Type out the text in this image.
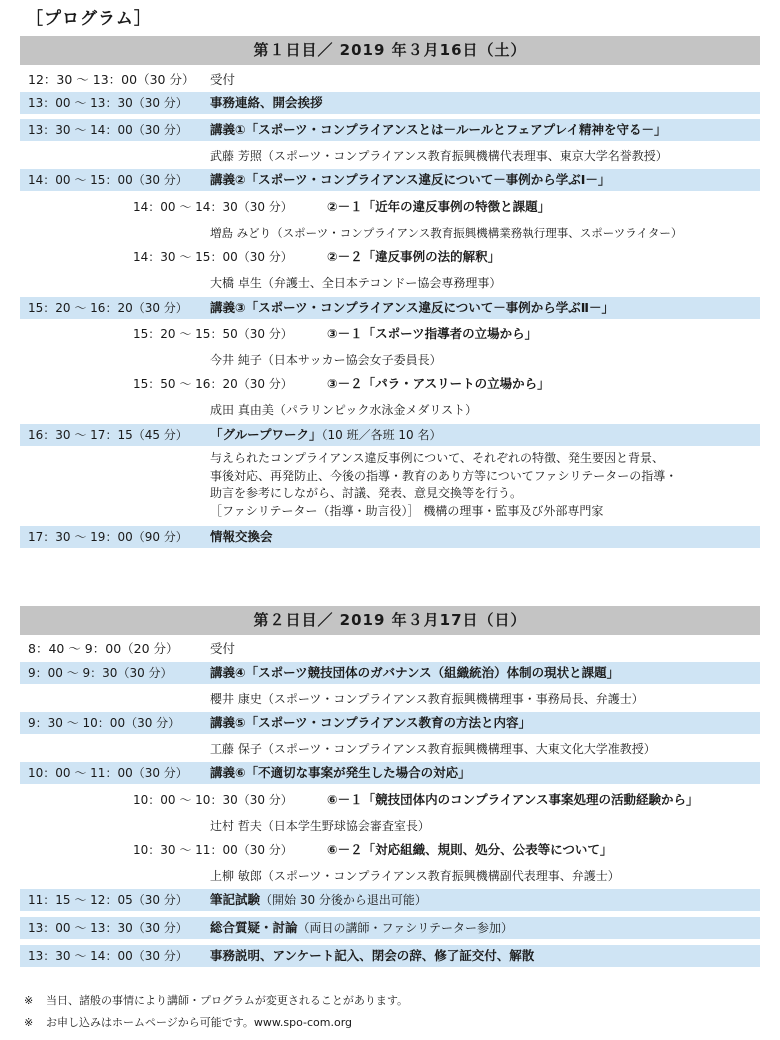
［プログラム］
第１日目／ 2019 年３月16日（土）
12：30 ～ 13：00（30 分） 受付
13：00 ～ 13：30（30 分） 事務連絡、開会挨拶
13：30 ～ 14：00（30 分） 講義①「スポーツ・コンプライアンスとは－ルールとフェアプレイ精神を守る－」
武藤 芳照（スポーツ・コンプライアンス教育振興機構代表理事、東京大学名誉教授）
14：00 ～ 15：00（30 分） 講義②「スポーツ・コンプライアンス違反について－事例から学ぶⅠ－」
14：00 ～ 14：30（30 分）	②－１「近年の違反事例の特徴と課題」
増島 みどり（スポーツ・コンプライアンス教育振興機構業務執行理事、スポーツライター）
14：30 ～ 15：00（30 分）	②－２「違反事例の法的解釈」
大橋 卓生（弁護士、全日本テコンドー協会専務理事）
15：20 ～ 16：20（30 分） 講義③「スポーツ・コンプライアンス違反について－事例から学ぶⅡ－」
15：20 ～ 15：50（30 分）	③－１「スポーツ指導者の立場から」
今井 純子（日本サッカー協会女子委員長）
15：50 ～ 16：20（30 分）	③－２「パラ・アスリートの立場から」
成田 真由美（パラリンピック水泳金メダリスト）
16：30 ～ 17：15（45 分） 「グループワーク」（10 班／各班 10 名）
与えられたコンプライアンス違反事例について、それぞれの特徴、発生要因と背景、
事後対応、再発防止、今後の指導・教育のあり方等についてファシリテーターの指導・
助言を参考にしながら、討議、発表、意見交換等を行う。
［ファシリテーター（指導・助言役）］ 機構の理事・監事及び外部専門家
17：30 ～ 19：00（90 分） 情報交換会
第２日目／ 2019 年３月17日（日）
8：40 ～ 9：00（20 分）	受付
9：00 ～ 9：30（30 分）	講義④「スポーツ競技団体のガバナンス（組織統治）体制の現状と課題」
櫻井 康史（スポーツ・コンプライアンス教育振興機構理事・事務局長、弁護士）
9：30 ～ 10：00（30 分） 講義⑤「スポーツ・コンプライアンス教育の方法と内容」
工藤 保子（スポーツ・コンプライアンス教育振興機構理事、大東文化大学准教授）
10：00 ～ 11：00（30 分） 講義⑥「不適切な事案が発生した場合の対応」
10：00 ～ 10：30（30 分）	⑥－１「競技団体内のコンプライアンス事案処理の活動経験から」
辻村 哲夫（日本学生野球協会審査室長）
10：30 ～ 11：00（30 分）	⑥－２「対応組織、規則、処分、公表等について」
上柳 敏郎（スポーツ・コンプライアンス教育振興機構副代表理事、弁護士）
11：15 ～ 12：05（30 分） 筆記試験（開始 30 分後から退出可能）
13：00 ～ 13：30（30 分） 総合質疑・討論（両日の講師・ファシリテーター参加）
13：30 ～ 14：00（30 分） 事務説明、アンケート記入、閉会の辞、修了証交付、解散
※ 当日、諸般の事情により講師・プログラムが変更されることがあります。
※ お申し込みはホームページから可能です。www.spo-com.org
